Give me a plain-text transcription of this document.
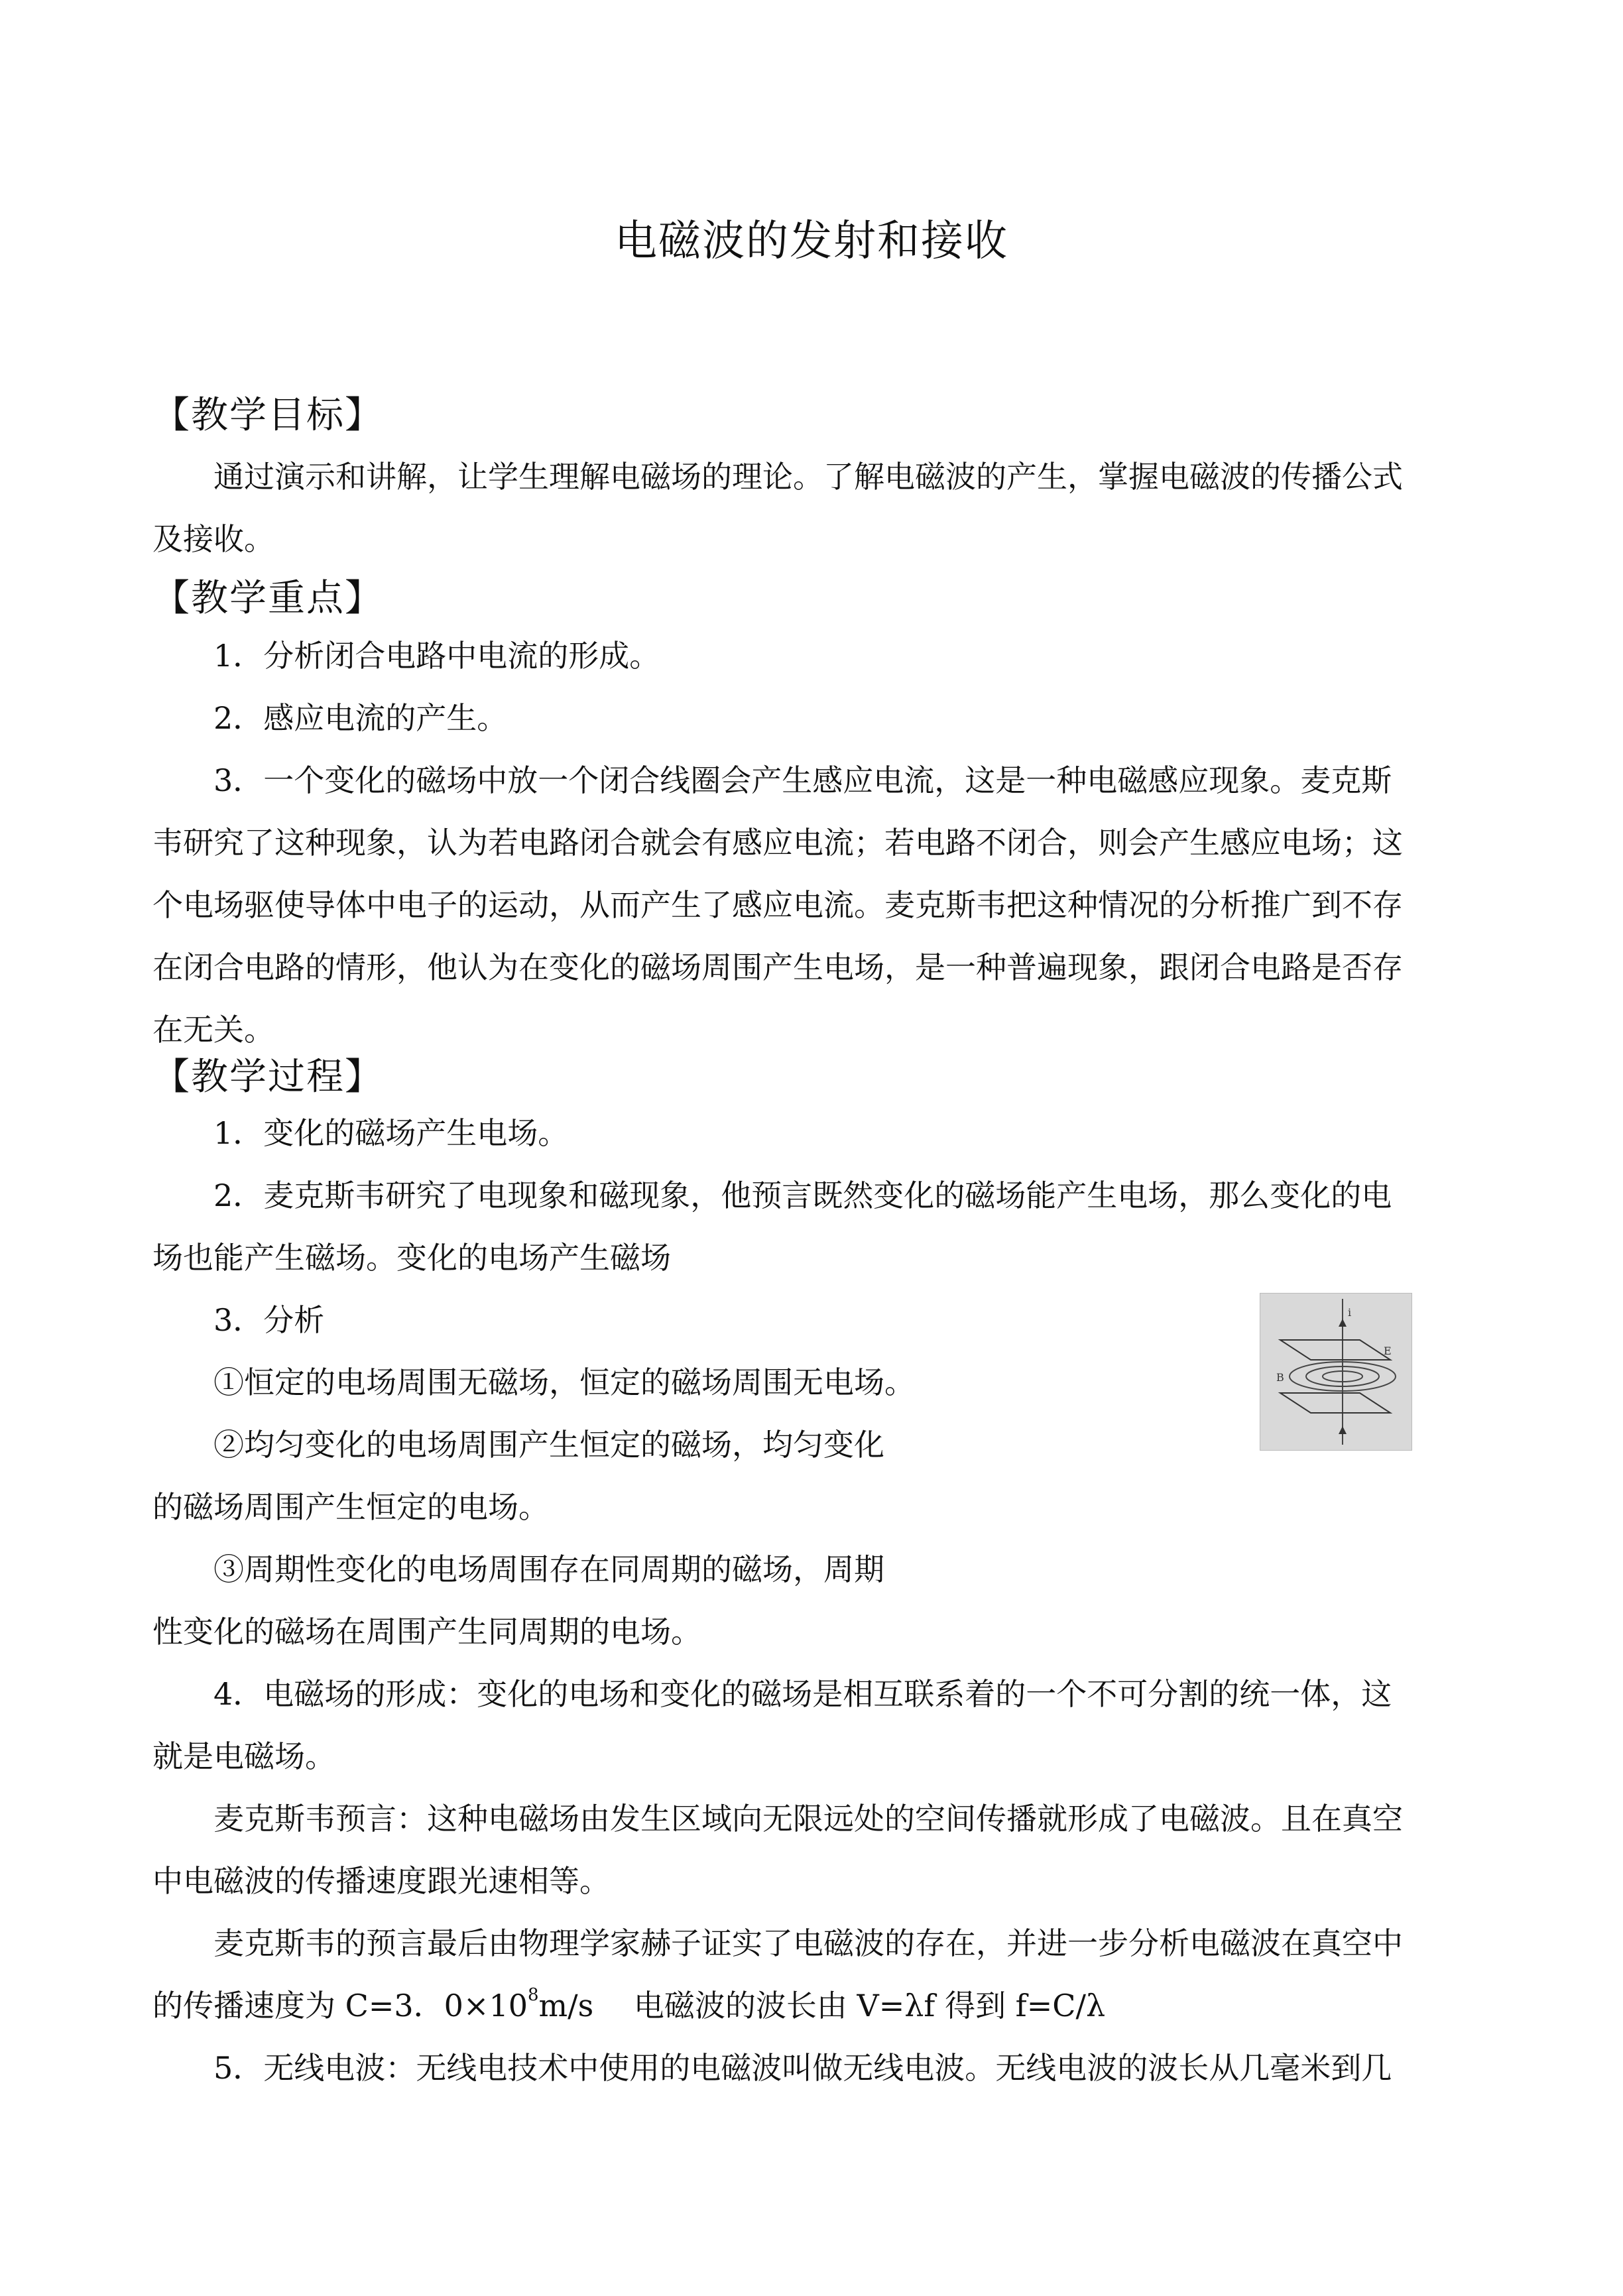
电磁波的发射和接收
【教学目标】
通过演示和讲解，让学生理解电磁场的理论。了解电磁波的产生，掌握电磁波的传播公式
及接收。
【教学重点】
1．分析闭合电路中电流的形成。
2．感应电流的产生。
3．一个变化的磁场中放一个闭合线圈会产生感应电流，这是一种电磁感应现象。麦克斯
韦研究了这种现象，认为若电路闭合就会有感应电流；若电路不闭合，则会产生感应电场；这
个电场驱使导体中电子的运动，从而产生了感应电流。麦克斯韦把这种情况的分析推广到不存
在闭合电路的情形，他认为在变化的磁场周围产生电场，是一种普遍现象，跟闭合电路是否存
在无关。
【教学过程】
1．变化的磁场产生电场。
2．麦克斯韦研究了电现象和磁现象，他预言既然变化的磁场能产生电场，那么变化的电
场也能产生磁场。变化的电场产生磁场
3．分析
①恒定的电场周围无磁场，恒定的磁场周围无电场。
②均匀变化的电场周围产生恒定的磁场，均匀变化
的磁场周围产生恒定的电场。
③周期性变化的电场周围存在同周期的磁场，周期
性变化的磁场在周围产生同周期的电场。
4．电磁场的形成：变化的电场和变化的磁场是相互联系着的一个不可分割的统一体，这
就是电磁场。
麦克斯韦预言：这种电磁场由发生区域向无限远处的空间传播就形成了电磁波。且在真空
中电磁波的传播速度跟光速相等。
麦克斯韦的预言最后由物理学家赫子证实了电磁波的存在，并进一步分析电磁波在真空中
的传播速度为 C=3．$0\times 10^8m/s$　 电磁波的波长由 V=λf 得到 f=C/λ
5．无线电波：无线电技术中使用的电磁波叫做无线电波。无线电波的波长从几毫米到几
i
E
B
